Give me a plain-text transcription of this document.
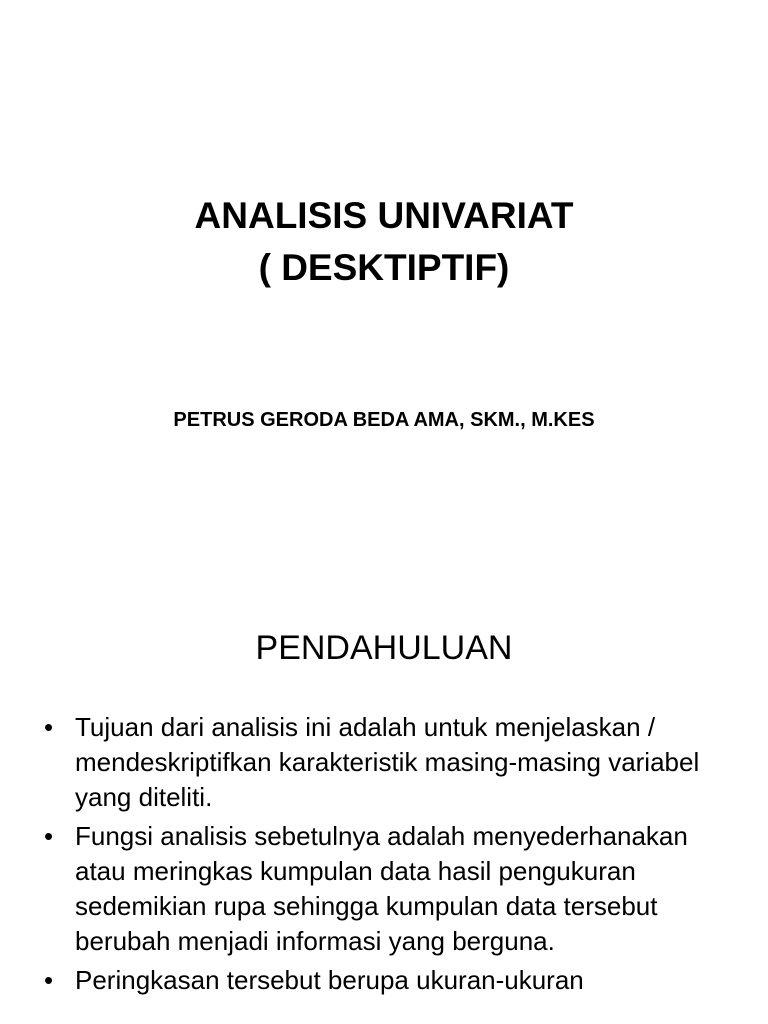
ANALISIS UNIVARIAT
( DESKTIPTIF)
PETRUS GERODA BEDA AMA, SKM., M.KES
PENDAHULUAN
• Tujuan dari analisis ini adalah untuk menjelaskan / mendeskriptifkan karakteristik masing-masing variabel yang diteliti.
• Fungsi analisis sebetulnya adalah menyederhanakan atau meringkas kumpulan data hasil pengukuran sedemikian rupa sehingga kumpulan data tersebut berubah menjadi informasi yang berguna.
• Peringkasan tersebut berupa ukuran-ukuran
